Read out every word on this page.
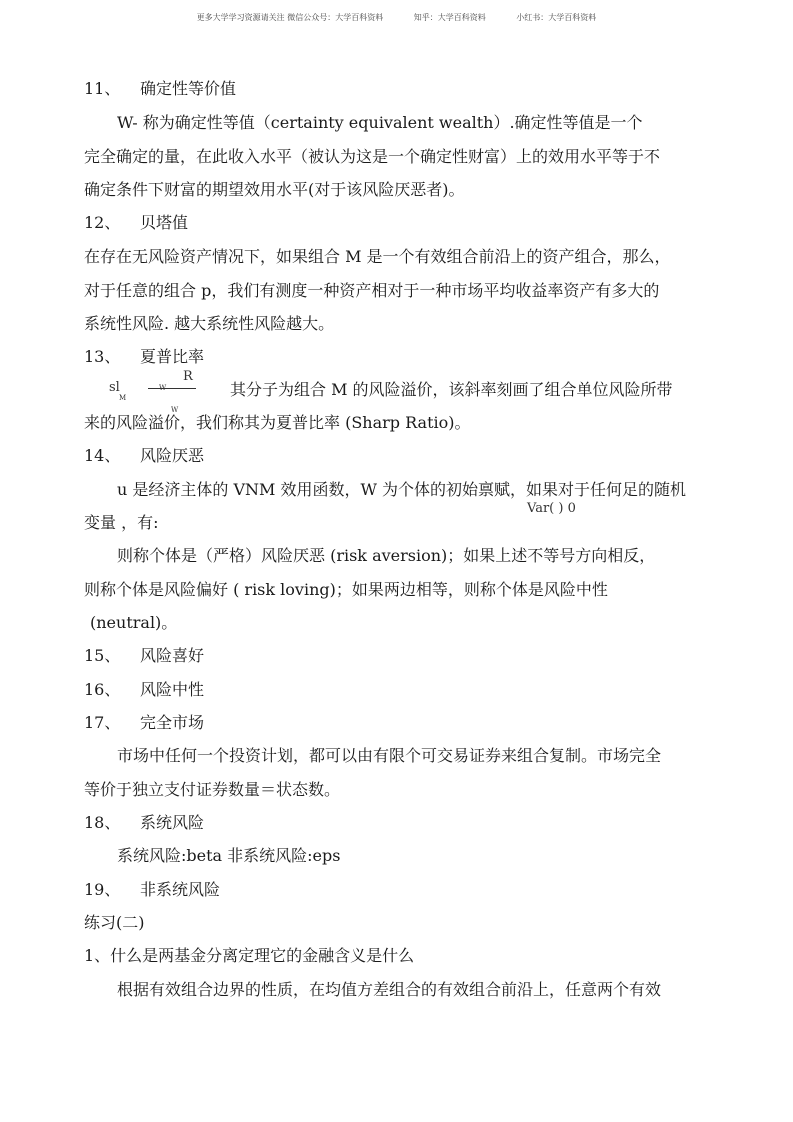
更多大学学习资源请关注 微信公众号：大学百科资料	知乎：大学百科资料	小红书：大学百科资料
11、 确定性等价值
W- 称为确定性等值（certainty equivalent wealth）.确定性等值是一个
完全确定的量，在此收入水平（被认为这是一个确定性财富）上的效用水平等于不
确定条件下财富的期望效用水平(对于该风险厌恶者)。
12、 贝塔值
在存在无风险资产情况下，如果组合 M 是一个有效组合前沿上的资产组合，那么，
对于任意的组合 p，我们有测度一种资产相对于一种市场平均收益率资产有多大的
系统性风险. 越大系统性风险越大。
13、 夏普比率
sl
M
R
W
W
其分子为组合 M 的风险溢价，该斜率刻画了组合单位风险所带
来的风险溢价，我们称其为夏普比率 (Sharp Ratio)。
14、 风险厌恶
u 是经济主体的 VNM 效用函数，W 为个体的初始禀赋，如果对于任何足的随机
Var( ) 0
变量 ，有:
则称个体是（严格）风险厌恶 (risk aversion)；如果上述不等号方向相反，
则称个体是风险偏好 ( risk loving)；如果两边相等，则称个体是风险中性
(neutral)。
15、 风险喜好
16、 风险中性
17、 完全市场
市场中任何一个投资计划，都可以由有限个可交易证券来组合复制。市场完全
等价于独立支付证券数量＝状态数。
18、 系统风险
系统风险:beta 非系统风险:eps
19、 非系统风险
练习(二)
1、什么是两基金分离定理它的金融含义是什么
根据有效组合边界的性质，在均值方差组合的有效组合前沿上，任意两个有效
